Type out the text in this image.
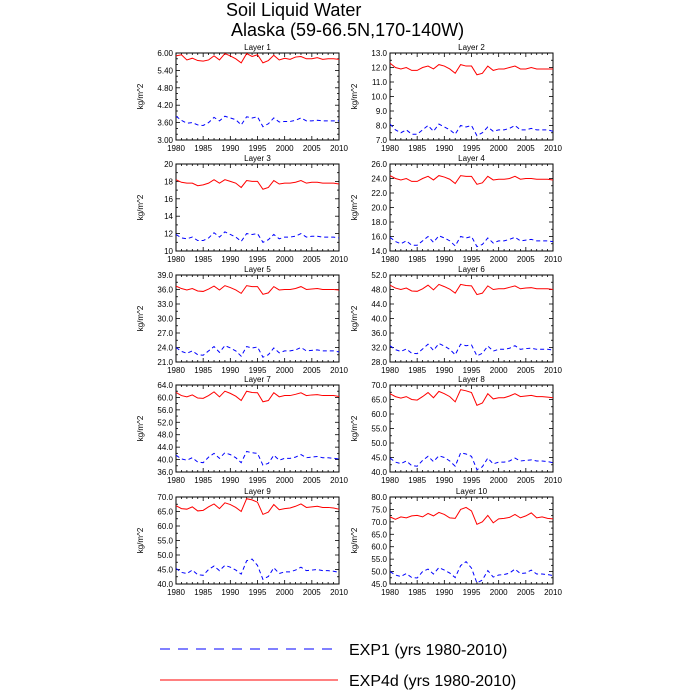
Soil Liquid Water
Alaska (59-66.5N,170-140W)
Layer 1
kg/m^2
3.00
3.60
4.20
4.80
5.40
6.00
1980 1985 1990 1995 2000 2005 2010
Layer 2
kg/m^2
7.0
8.0
9.0
10.0
11.0
12.0
13.0
1980 1985 1990 1995 2000 2005 2010
Layer 3
kg/m^2
10
12
14
16
18
20
1980 1985 1990 1995 2000 2005 2010
Layer 4
kg/m^2
14.0
16.0
18.0
20.0
22.0
24.0
26.0
1980 1985 1990 1995 2000 2005 2010
Layer 5
kg/m^2
21.0
24.0
27.0
30.0
33.0
36.0
39.0
1980 1985 1990 1995 2000 2005 2010
Layer 6
kg/m^2
28.0
32.0
36.0
40.0
44.0
48.0
52.0
1980 1985 1990 1995 2000 2005 2010
Layer 7
kg/m^2
36.0
40.0
44.0
48.0
52.0
56.0
60.0
64.0
1980 1985 1990 1995 2000 2005 2010
Layer 8
kg/m^2
40.0
45.0
50.0
55.0
60.0
65.0
70.0
1980 1985 1990 1995 2000 2005 2010
Layer 9
kg/m^2
40.0
45.0
50.0
55.0
60.0
65.0
70.0
1980 1985 1990 1995 2000 2005 2010
Layer 10
kg/m^2
45.0
50.0
55.0
60.0
65.0
70.0
75.0
80.0
1980 1985 1990 1995 2000 2005 2010
EXP1 (yrs 1980-2010)
EXP4d (yrs 1980-2010)
